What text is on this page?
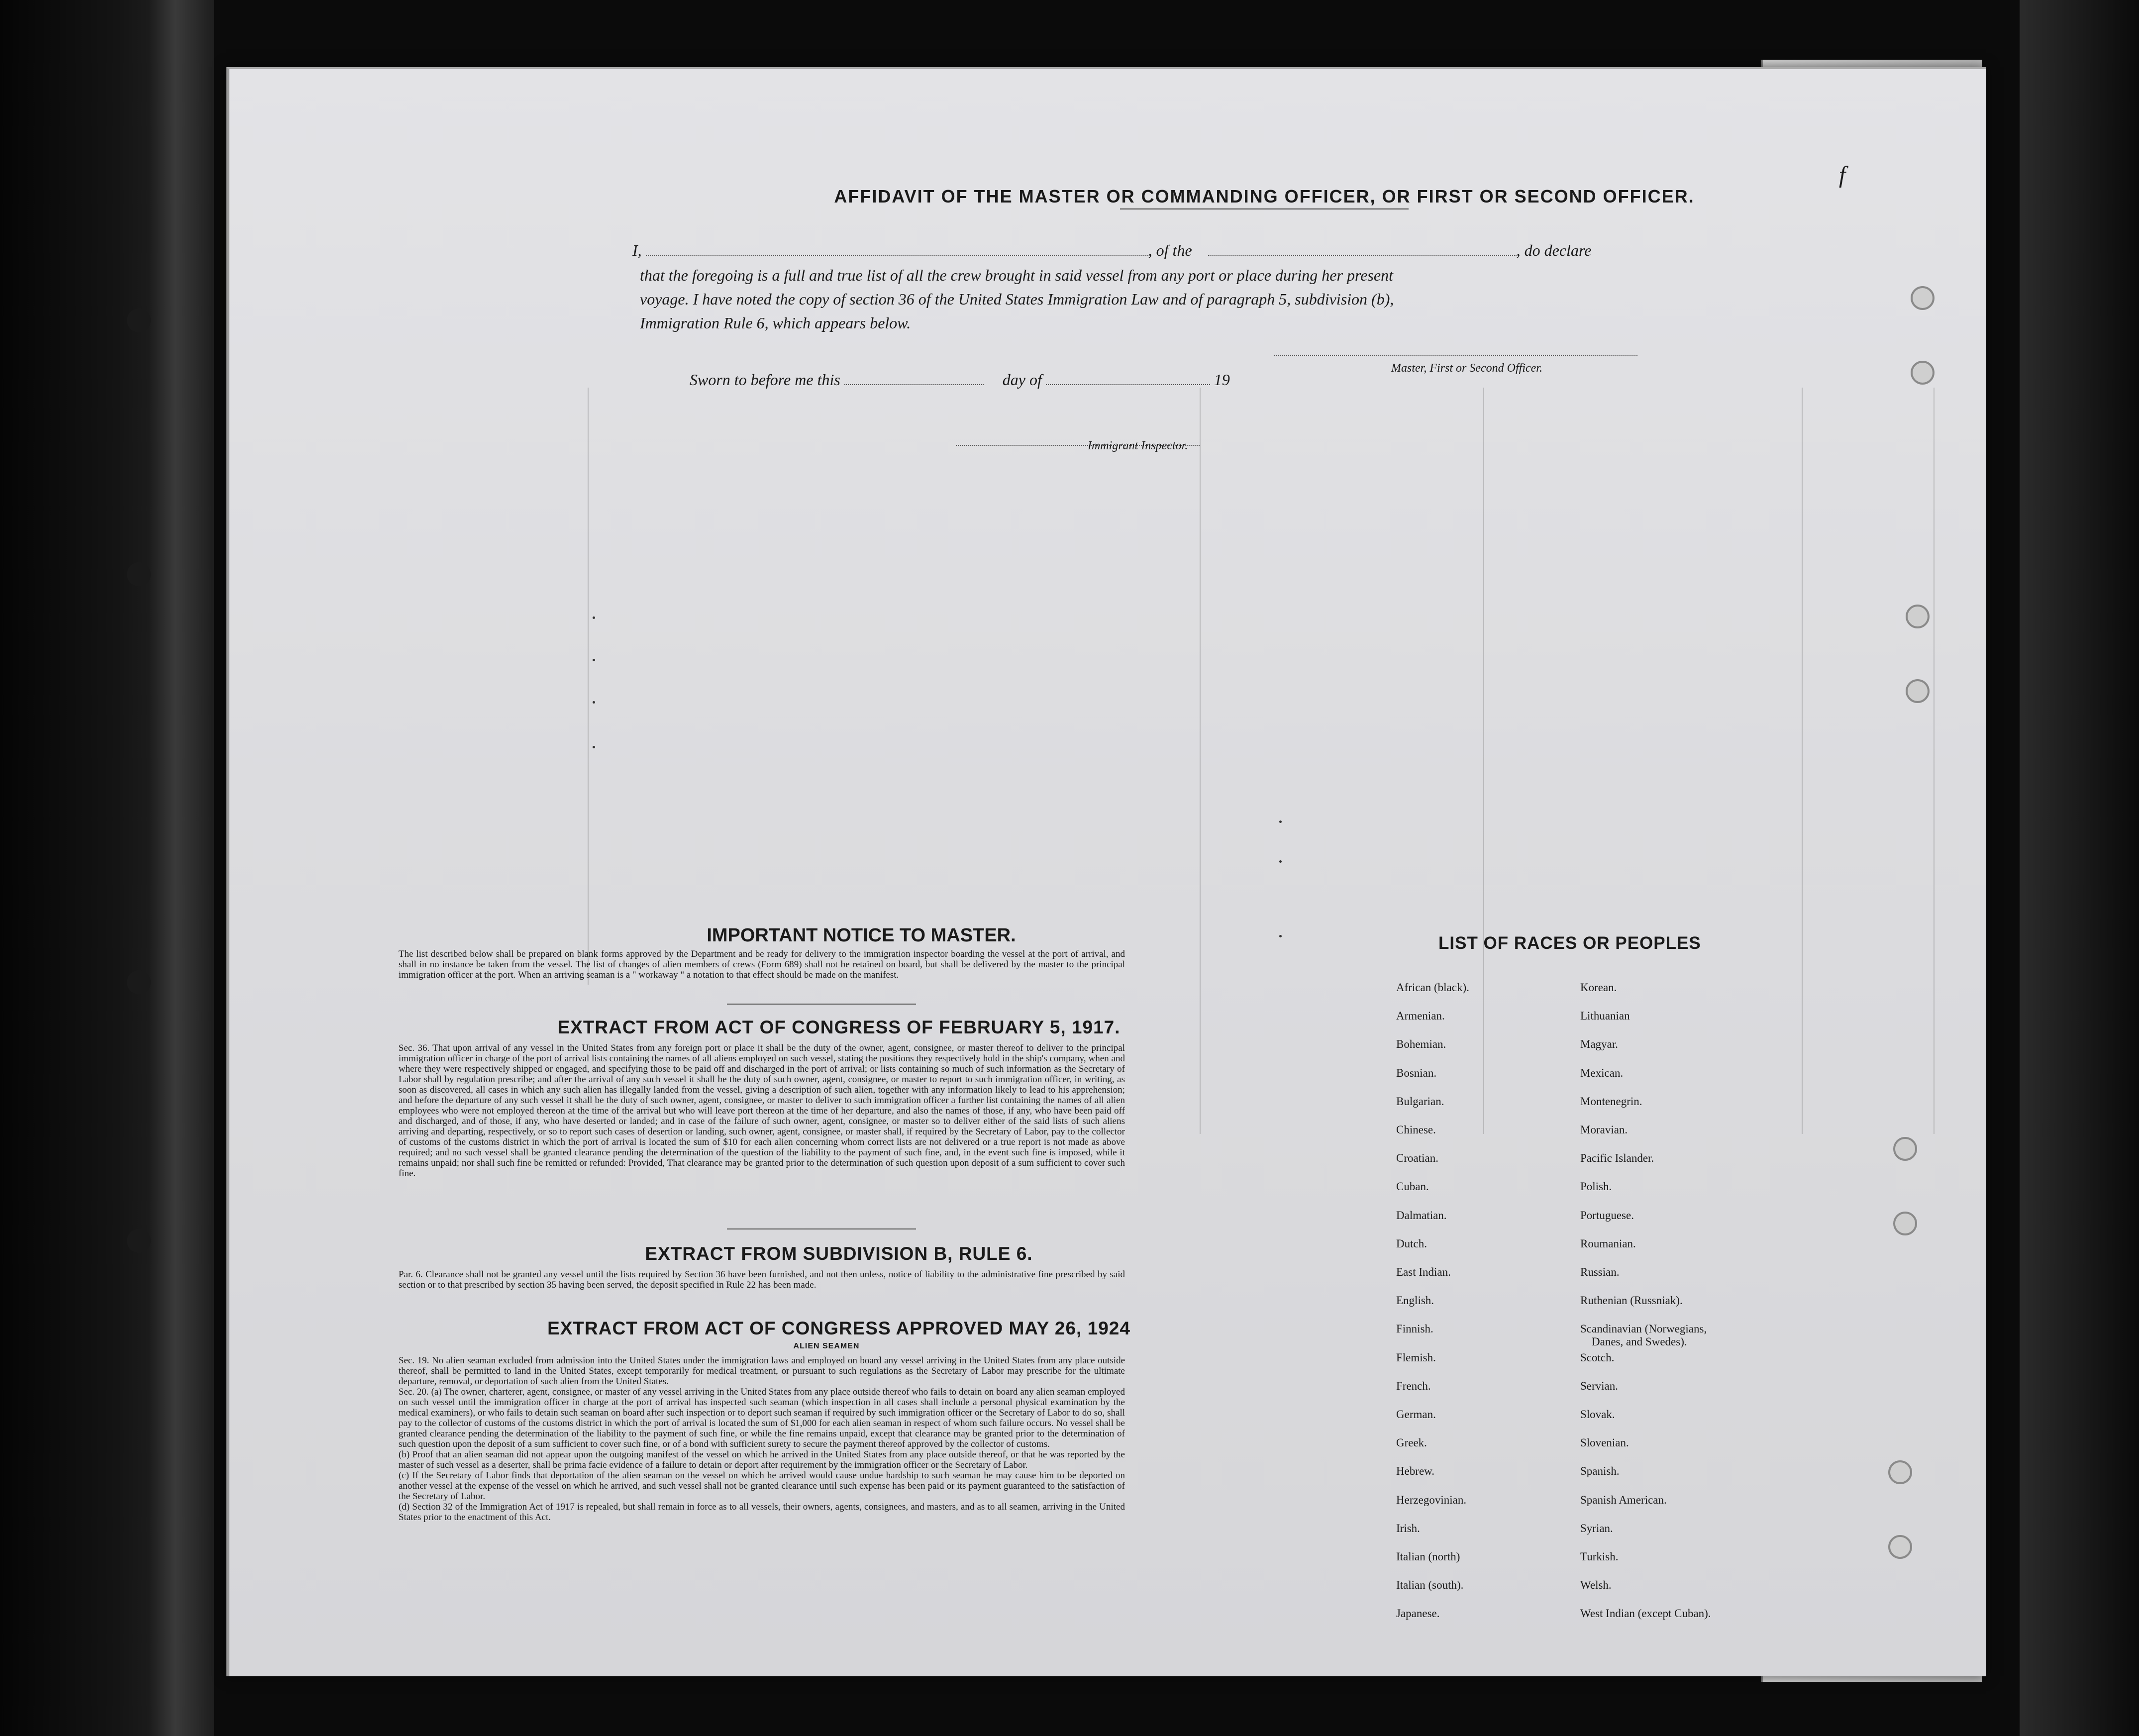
f
AFFIDAVIT OF THE MASTER OR COMMANDING OFFICER, OR FIRST OR SECOND OFFICER.
I,	, of the	, do declare
that the foregoing is a full and true list of all the crew brought in said vessel from any port or place during her present
voyage. I have noted the copy of section 36 of the United States Immigration Law and of paragraph 5, subdivision (b),
Immigration Rule 6, which appears below.
Sworn to before me this	day of	19
Master, First or Second Officer.
Immigrant Inspector.
IMPORTANT NOTICE TO MASTER.
The list described below shall be prepared on blank forms approved by the Department and be ready for delivery to the immigration inspector boarding the vessel at the port of arrival, and shall in no instance be taken from the vessel. The list of changes of alien members of crews (Form 689) shall not be retained on board, but shall be delivered by the master to the principal immigration officer at the port. When an arriving seaman is a " workaway " a notation to that effect should be made on the manifest.
EXTRACT FROM ACT OF CONGRESS OF FEBRUARY 5, 1917.
Sec. 36. That upon arrival of any vessel in the United States from any foreign port or place it shall be the duty of the owner, agent, consignee, or master thereof to deliver to the principal immigration officer in charge of the port of arrival lists containing the names of all aliens employed on such vessel, stating the positions they respectively hold in the ship's company, when and where they were respectively shipped or engaged, and specifying those to be paid off and discharged in the port of arrival; or lists containing so much of such information as the Secretary of Labor shall by regulation prescribe; and after the arrival of any such vessel it shall be the duty of such owner, agent, consignee, or master to report to such immigration officer, in writing, as soon as discovered, all cases in which any such alien has illegally landed from the vessel, giving a description of such alien, together with any information likely to lead to his apprehension; and before the departure of any such vessel it shall be the duty of such owner, agent, consignee, or master to deliver to such immigration officer a further list containing the names of all alien employees who were not employed thereon at the time of the arrival but who will leave port thereon at the time of her departure, and also the names of those, if any, who have been paid off and discharged, and of those, if any, who have deserted or landed; and in case of the failure of such owner, agent, consignee, or master so to deliver either of the said lists of such aliens arriving and departing, respectively, or so to report such cases of desertion or landing, such owner, agent, consignee, or master shall, if required by the Secretary of Labor, pay to the collector of customs of the customs district in which the port of arrival is located the sum of $10 for each alien concerning whom correct lists are not delivered or a true report is not made as above required; and no such vessel shall be granted clearance pending the determination of the question of the liability to the payment of such fine, and, in the event such fine is imposed, while it remains unpaid; nor shall such fine be remitted or refunded: Provided, That clearance may be granted prior to the determination of such question upon deposit of a sum sufficient to cover such fine.
EXTRACT FROM SUBDIVISION B, RULE 6.
Par. 6. Clearance shall not be granted any vessel until the lists required by Section 36 have been furnished, and not then unless, notice of liability to the administrative fine prescribed by said section or to that prescribed by section 35 having been served, the deposit specified in Rule 22 has been made.
EXTRACT FROM ACT OF CONGRESS APPROVED MAY 26, 1924
ALIEN SEAMEN
Sec. 19. No alien seaman excluded from admission into the United States under the immigration laws and employed on board any vessel arriving in the United States from any place outside thereof, shall be permitted to land in the United States, except temporarily for medical treatment, or pursuant to such regulations as the Secretary of Labor may prescribe for the ultimate departure, removal, or deportation of such alien from the United States.
Sec. 20. (a) The owner, charterer, agent, consignee, or master of any vessel arriving in the United States from any place outside thereof who fails to detain on board any alien seaman employed on such vessel until the immigration officer in charge at the port of arrival has inspected such seaman (which inspection in all cases shall include a personal physical examination by the medical examiners), or who fails to detain such seaman on board after such inspection or to deport such seaman if required by such immigration officer or the Secretary of Labor to do so, shall pay to the collector of customs of the customs district in which the port of arrival is located the sum of $1,000 for each alien seaman in respect of whom such failure occurs. No vessel shall be granted clearance pending the determination of the liability to the payment of such fine, or while the fine remains unpaid, except that clearance may be granted prior to the determination of such question upon the deposit of a sum sufficient to cover such fine, or of a bond with sufficient surety to secure the payment thereof approved by the collector of customs.
(b) Proof that an alien seaman did not appear upon the outgoing manifest of the vessel on which he arrived in the United States from any place outside thereof, or that he was reported by the master of such vessel as a deserter, shall be prima facie evidence of a failure to detain or deport after requirement by the immigration officer or the Secretary of Labor.
(c) If the Secretary of Labor finds that deportation of the alien seaman on the vessel on which he arrived would cause undue hardship to such seaman he may cause him to be deported on another vessel at the expense of the vessel on which he arrived, and such vessel shall not be granted clearance until such expense has been paid or its payment guaranteed to the satisfaction of the Secretary of Labor.
(d) Section 32 of the Immigration Act of 1917 is repealed, but shall remain in force as to all vessels, their owners, agents, consignees, and masters, and as to all seamen, arriving in the United States prior to the enactment of this Act.
LIST OF RACES OR PEOPLES
African (black).
Armenian.
Bohemian.
Bosnian.
Bulgarian.
Chinese.
Croatian.
Cuban.
Dalmatian.
Dutch.
East Indian.
English.
Finnish.
Flemish.
French.
German.
Greek.
Hebrew.
Herzegovinian.
Irish.
Italian (north)
Italian (south).
Japanese.
Korean.
Lithuanian
Magyar.
Mexican.
Montenegrin.
Moravian.
Pacific Islander.
Polish.
Portuguese.
Roumanian.
Russian.
Ruthenian (Russniak).
Scandinavian (Norwegians,
Danes, and Swedes).
Scotch.
Servian.
Slovak.
Slovenian.
Spanish.
Spanish American.
Syrian.
Turkish.
Welsh.
West Indian (except Cuban).
